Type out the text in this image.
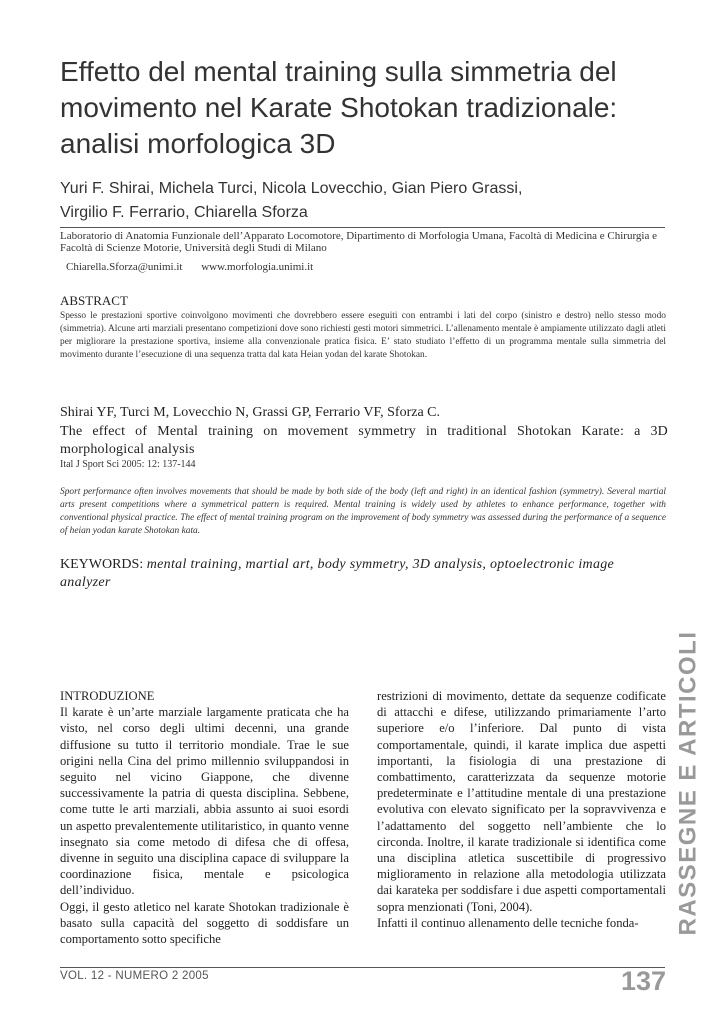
Effetto del mental training sulla simmetria del movimento nel Karate Shotokan tradizionale: analisi morfologica 3D
Yuri F. Shirai, Michela Turci, Nicola Lovecchio, Gian Piero Grassi,
Virgilio F. Ferrario, Chiarella Sforza
Laboratorio di Anatomia Funzionale dell’Apparato Locomotore, Dipartimento di Morfologia Umana, Facoltà di Medicina e Chirurgia e Facoltà di Scienze Motorie, Università degli Studi di Milano
Chiarella.Sforza@unimi.it www.morfologia.unimi.it
ABSTRACT
Spesso le prestazioni sportive coinvolgono movimenti che dovrebbero essere eseguiti con entrambi i lati del corpo (sinistro e destro) nello stesso modo (simmetria). Alcune arti marziali presentano competizioni dove sono richiesti gesti motori simmetrici. L’allenamento mentale è ampiamente utilizzato dagli atleti per migliorare la prestazione sportiva, insieme alla convenzionale pratica fisica. E’ stato studiato l’effetto di un programma mentale sulla simmetria del movimento durante l’esecuzione di una sequenza tratta dal kata Heian yodan del karate Shotokan.
Shirai YF, Turci M, Lovecchio N, Grassi GP, Ferrario VF, Sforza C.
The effect of Mental training on movement symmetry in traditional Shotokan Karate: a 3D morphological analysis
Ital J Sport Sci 2005: 12: 137-144
Sport performance often involves movements that should be made by both side of the body (left and right) in an identical fashion (symmetry). Several martial arts present competitions where a symmetrical pattern is required. Mental training is widely used by athletes to enhance performance, together with conventional physical practice. The effect of mental training program on the improvement of body symmetry was assessed during the performance of a sequence of heian yodan karate Shotokan kata.
KEYWORDS: mental training, martial art, body symmetry, 3D analysis, optoelectronic image analyzer

INTRODUZIONE

Il karate è un’arte marziale largamente praticata che ha visto, nel corso degli ultimi decenni, una grande diffusione su tutto il territorio mondiale. Trae le sue origini nella Cina del primo millennio sviluppandosi in seguito nel vicino Giappone, che divenne successivamente la patria di questa disciplina. Sebbene, come tutte le arti marziali, abbia assunto ai suoi esordi un aspetto prevalentemente utilitaristico, in quanto venne insegnato sia come metodo di difesa che di offesa, divenne in seguito una disciplina capace di sviluppare la coordinazione fisica, mentale e psicologica dell’individuo.

Oggi, il gesto atletico nel karate Shotokan tradizionale è basato sulla capacità del soggetto di soddisfare un comportamento sotto specifiche

restrizioni di movimento, dettate da sequenze codificate di attacchi e difese, utilizzando primariamente l’arto superiore e/o l’inferiore. Dal punto di vista comportamentale, quindi, il karate implica due aspetti importanti, la fisiologia di una prestazione di combattimento, caratterizzata da sequenze motorie predeterminate e l’attitudine mentale di una prestazione evolutiva con elevato significato per la sopravvivenza e l’adattamento del soggetto nell’ambiente che lo circonda. Inoltre, il karate tradizionale si identifica come una disciplina atletica suscettibile di progressivo miglioramento in relazione alla metodologia utilizzata dai karateka per soddisfare i due aspetti comportamentali sopra menzionati (Toni, 2004).

Infatti il continuo allenamento delle tecniche fonda-	RASSEGNE E ARTICOLI
VOL. 12 - NUMERO 2 2005	137
